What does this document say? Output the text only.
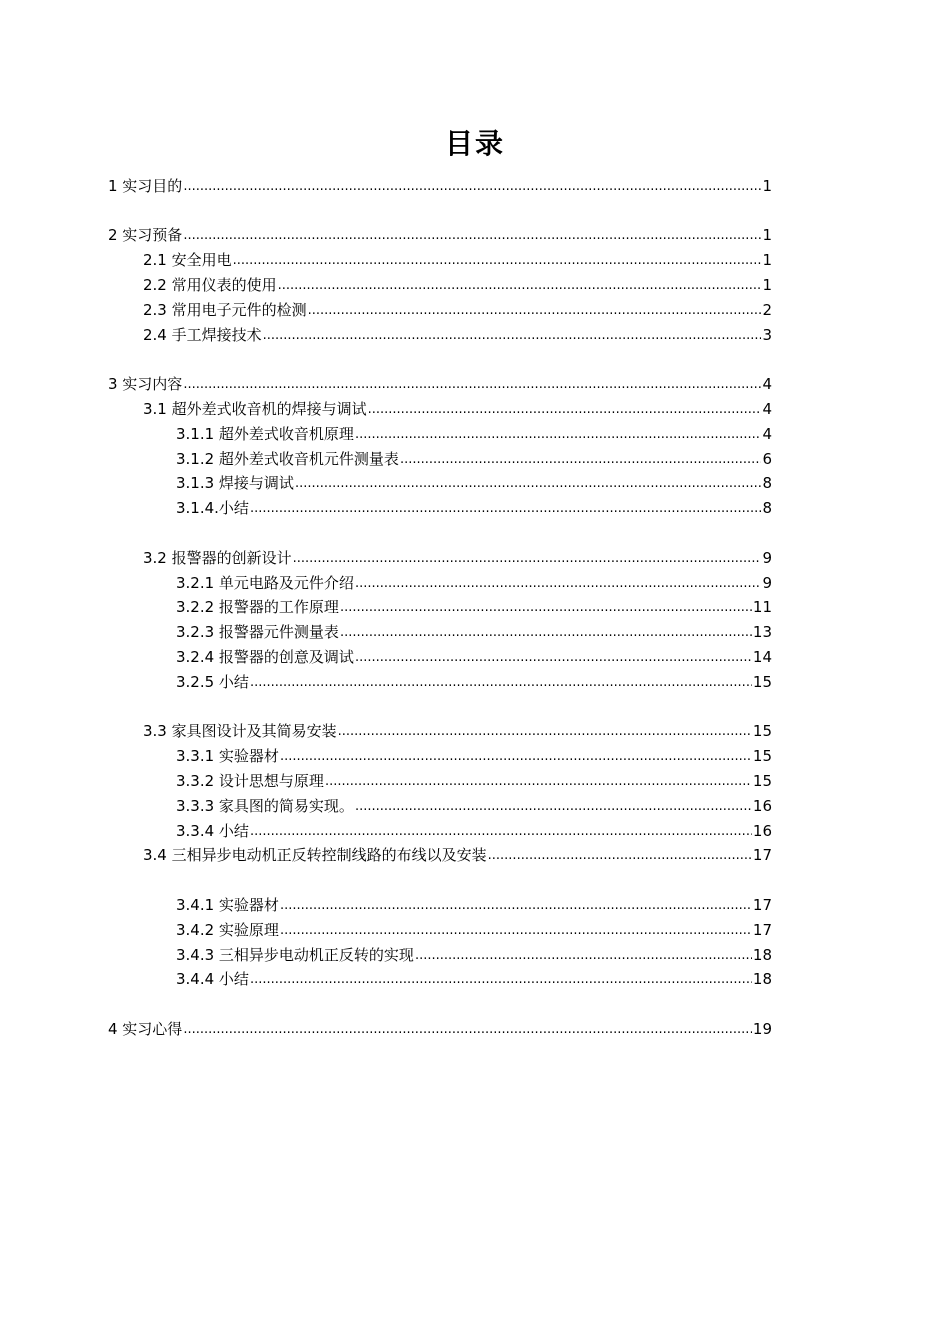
目录
1 实习目的 .....	1
2 实习预备 .....	1
2.1 安全用电 .....	1
2.2 常用仪表的使用 .....	1
2.3 常用电子元件的检测 .....	2
2.4 手工焊接技术 .....	3
3 实习内容 .....	4
3.1 超外差式收音机的焊接与调试 .....	4
3.1.1 超外差式收音机原理 .....	4
3.1.2 超外差式收音机元件测量表 .....	6
3.1.3 焊接与调试 .....	8
3.1.4.小结 .....	8
3.2 报警器的创新设计 .....	9
3.2.1 单元电路及元件介绍 .....	9
3.2.2 报警器的工作原理 .....	11
3.2.3 报警器元件测量表 .....	13
3.2.4 报警器的创意及调试 .....	14
3.2.5 小结 .....	15
3.3 家具图设计及其简易安装 .....	15
3.3.1 实验器材 .....	15
3.3.2 设计思想与原理 .....	15
3.3.3 家具图的简易实现。 .....	16
3.3.4 小结 .....	16
3.4 三相异步电动机正反转控制线路的布线以及安装 .....	17
3.4.1 实验器材 .....	17
3.4.2 实验原理 .....	17
3.4.3 三相异步电动机正反转的实现 .....	18
3.4.4 小结 .....	18
4 实习心得 .....	19
